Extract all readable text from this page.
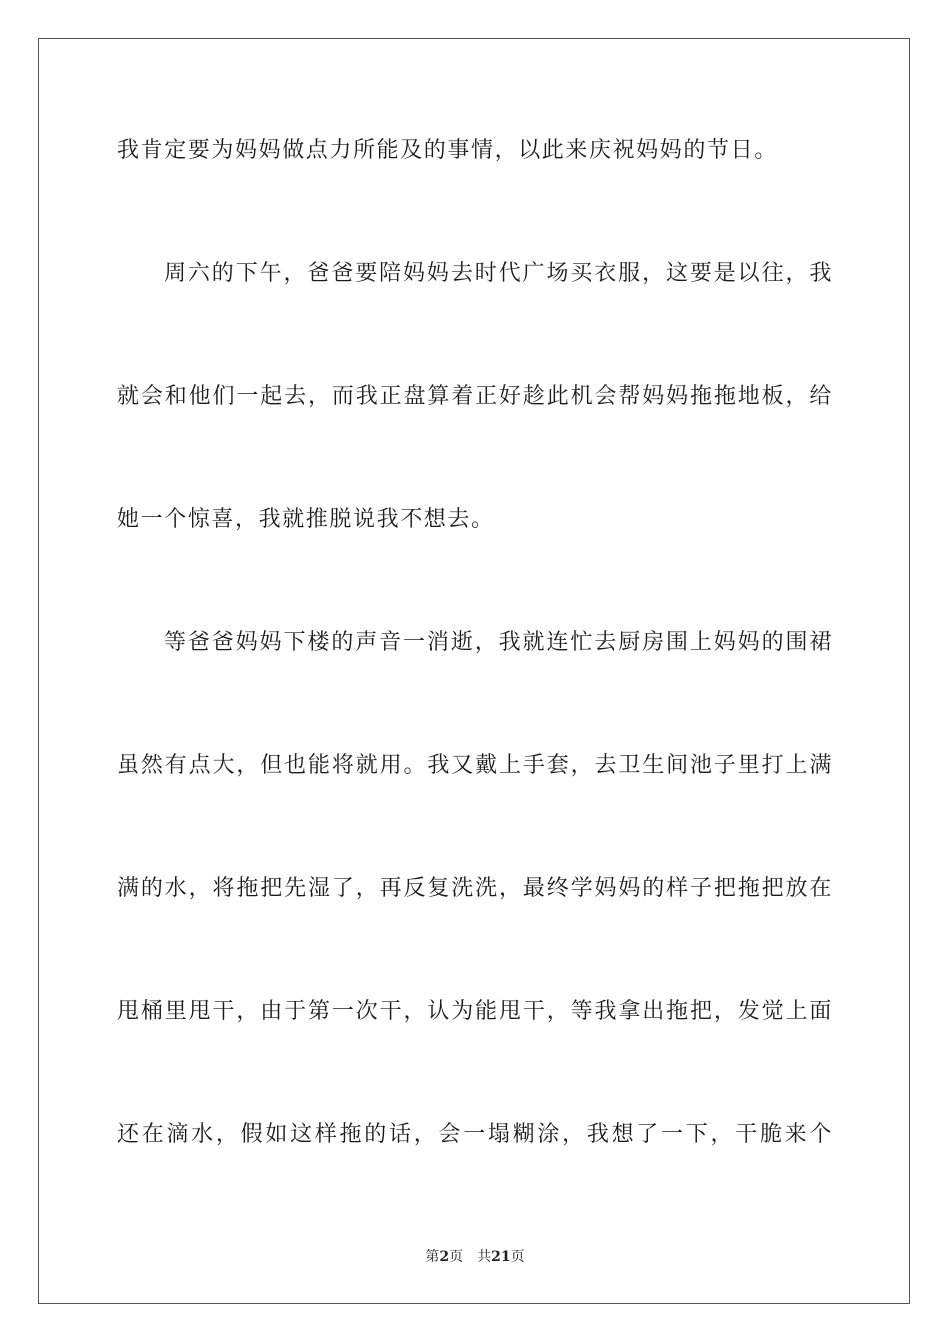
我肯定要为妈妈做点力所能及的事情，以此来庆祝妈妈的节日。
周六的下午，爸爸要陪妈妈去时代广场买衣服，这要是以往，我
就会和他们一起去，而我正盘算着正好趁此机会帮妈妈拖拖地板，给
她一个惊喜，我就推脱说我不想去。
等爸爸妈妈下楼的声音一消逝，我就连忙去厨房围上妈妈的围裙
虽然有点大，但也能将就用。我又戴上手套，去卫生间池子里打上满
满的水，将拖把先湿了，再反复洗洗，最终学妈妈的样子把拖把放在
甩桶里甩干，由于第一次干，认为能甩干，等我拿出拖把，发觉上面
还在滴水，假如这样拖的话，会一塌糊涂，我想了一下，干脆来个
第2页 共21页
